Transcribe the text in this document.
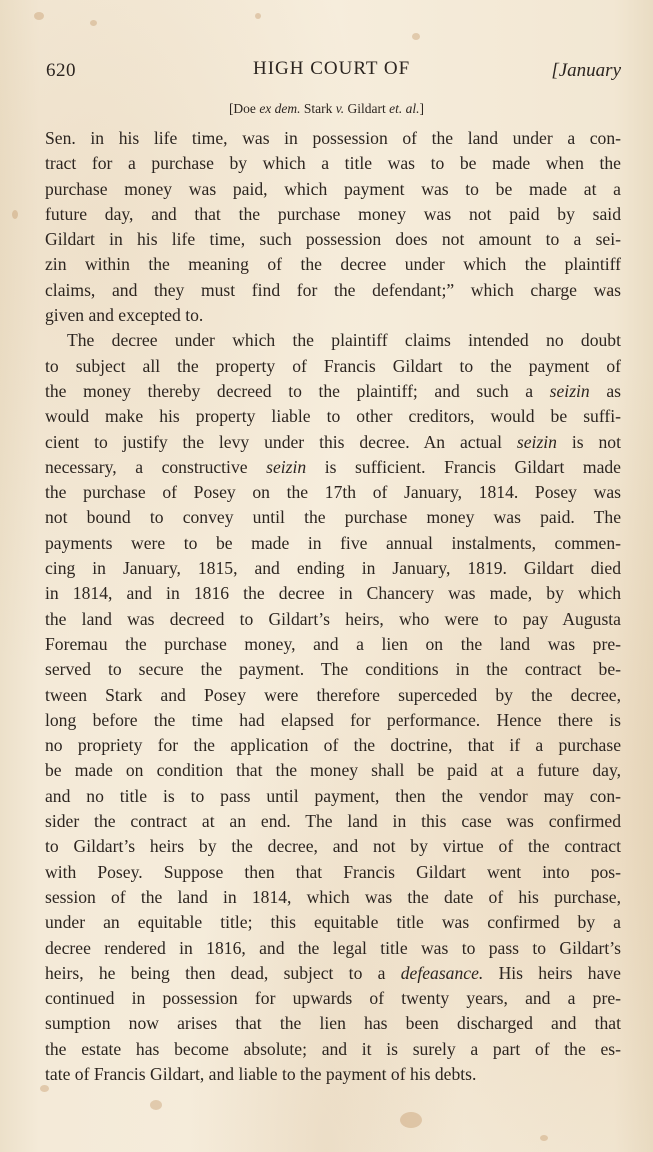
620	HIGH COURT OF	[January
[Doe ex dem. Stark v. Gildart et. al.]
Sen. in his life time, was in possession of the land under a con-
tract for a purchase by which a title was to be made when the
purchase money was paid, which payment was to be made at a
future day, and that the purchase money was not paid by said
Gildart in his life time, such possession does not amount to a sei-
zin within the meaning of the decree under which the plaintiff
claims, and they must find for the defendant;” which charge was
given and excepted to.
The decree under which the plaintiff claims intended no doubt
to subject all the property of Francis Gildart to the payment of
the money thereby decreed to the plaintiff; and such a seizin as
would make his property liable to other creditors, would be suffi-
cient to justify the levy under this decree. An actual seizin is not
necessary, a constructive seizin is sufficient. Francis Gildart made
the purchase of Posey on the 17th of January, 1814. Posey was
not bound to convey until the purchase money was paid. The
payments were to be made in five annual instalments, commen-
cing in January, 1815, and ending in January, 1819. Gildart died
in 1814, and in 1816 the decree in Chancery was made, by which
the land was decreed to Gildart’s heirs, who were to pay Augusta
Foremau the purchase money, and a lien on the land was pre-
served to secure the payment. The conditions in the contract be-
tween Stark and Posey were therefore superceded by the decree,
long before the time had elapsed for performance. Hence there is
no propriety for the application of the doctrine, that if a purchase
be made on condition that the money shall be paid at a future day,
and no title is to pass until payment, then the vendor may con-
sider the contract at an end. The land in this case was confirmed
to Gildart’s heirs by the decree, and not by virtue of the contract
with Posey. Suppose then that Francis Gildart went into pos-
session of the land in 1814, which was the date of his purchase,
under an equitable title; this equitable title was confirmed by a
decree rendered in 1816, and the legal title was to pass to Gildart’s
heirs, he being then dead, subject to a defeasance. His heirs have
continued in possession for upwards of twenty years, and a pre-
sumption now arises that the lien has been discharged and that
the estate has become absolute; and it is surely a part of the es-
tate of Francis Gildart, and liable to the payment of his debts.
